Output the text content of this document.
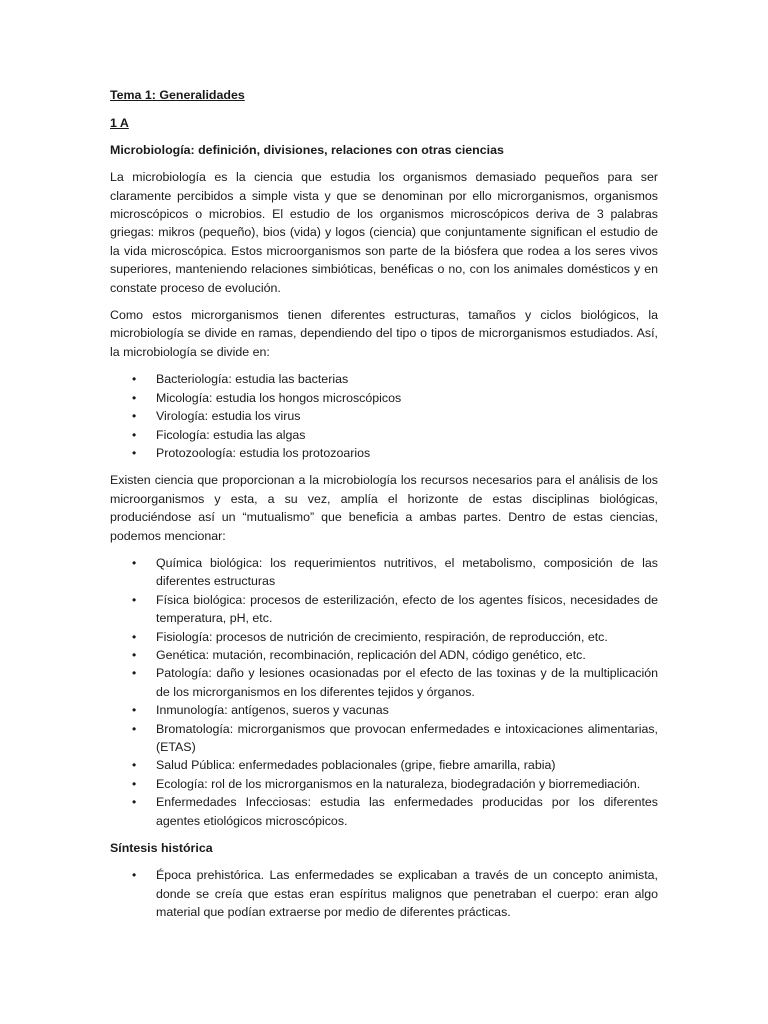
Tema 1: Generalidades
1 A
Microbiología: definición, divisiones, relaciones con otras ciencias

La microbiología es la ciencia que estudia los organismos demasiado pequeños para ser claramente percibidos a simple vista y que se denominan por ello microrganismos, organismos microscópicos o microbios. El estudio de los organismos microscópicos deriva de 3 palabras griegas: mikros (pequeño), bios (vida) y logos (ciencia) que conjuntamente significan el estudio de la vida microscópica. Estos microorganismos son parte de la biósfera que rodea a los seres vivos superiores, manteniendo relaciones simbióticas, benéficas o no, con los animales domésticos y en constate proceso de evolución.

Como estos microrganismos tienen diferentes estructuras, tamaños y ciclos biológicos, la microbiología se divide en ramas, dependiendo del tipo o tipos de microrganismos estudiados. Así, la microbiología se divide en:

• Bacteriología: estudia las bacterias
• Micología: estudia los hongos microscópicos
• Virología: estudia los virus
• Ficología: estudia las algas
• Protozoología: estudia los protozoarios

Existen ciencia que proporcionan a la microbiología los recursos necesarios para el análisis de los microorganismos y esta, a su vez, amplía el horizonte de estas disciplinas biológicas, produciéndose así un “mutualismo” que beneficia a ambas partes. Dentro de estas ciencias, podemos mencionar:

• Química biológica: los requerimientos nutritivos, el metabolismo, composición de las diferentes estructuras
• Física biológica: procesos de esterilización, efecto de los agentes físicos, necesidades de temperatura, pH, etc.
• Fisiología: procesos de nutrición de crecimiento, respiración, de reproducción, etc.
• Genética: mutación, recombinación, replicación del ADN, código genético, etc.
• Patología: daño y lesiones ocasionadas por el efecto de las toxinas y de la multiplicación de los microrganismos en los diferentes tejidos y órganos.
• Inmunología: antígenos, sueros y vacunas
• Bromatología: microrganismos que provocan enfermedades e intoxicaciones alimentarias, (ETAS)
• Salud Pública: enfermedades poblacionales (gripe, fiebre amarilla, rabia)
• Ecología: rol de los microrganismos en la naturaleza, biodegradación y biorremediación.
• Enfermedades Infecciosas: estudia las enfermedades producidas por los diferentes agentes etiológicos microscópicos.
Síntesis histórica
• Época prehistórica. Las enfermedades se explicaban a través de un concepto animista, donde se creía que estas eran espíritus malignos que penetraban el cuerpo: eran algo material que podían extraerse por medio de diferentes prácticas.
